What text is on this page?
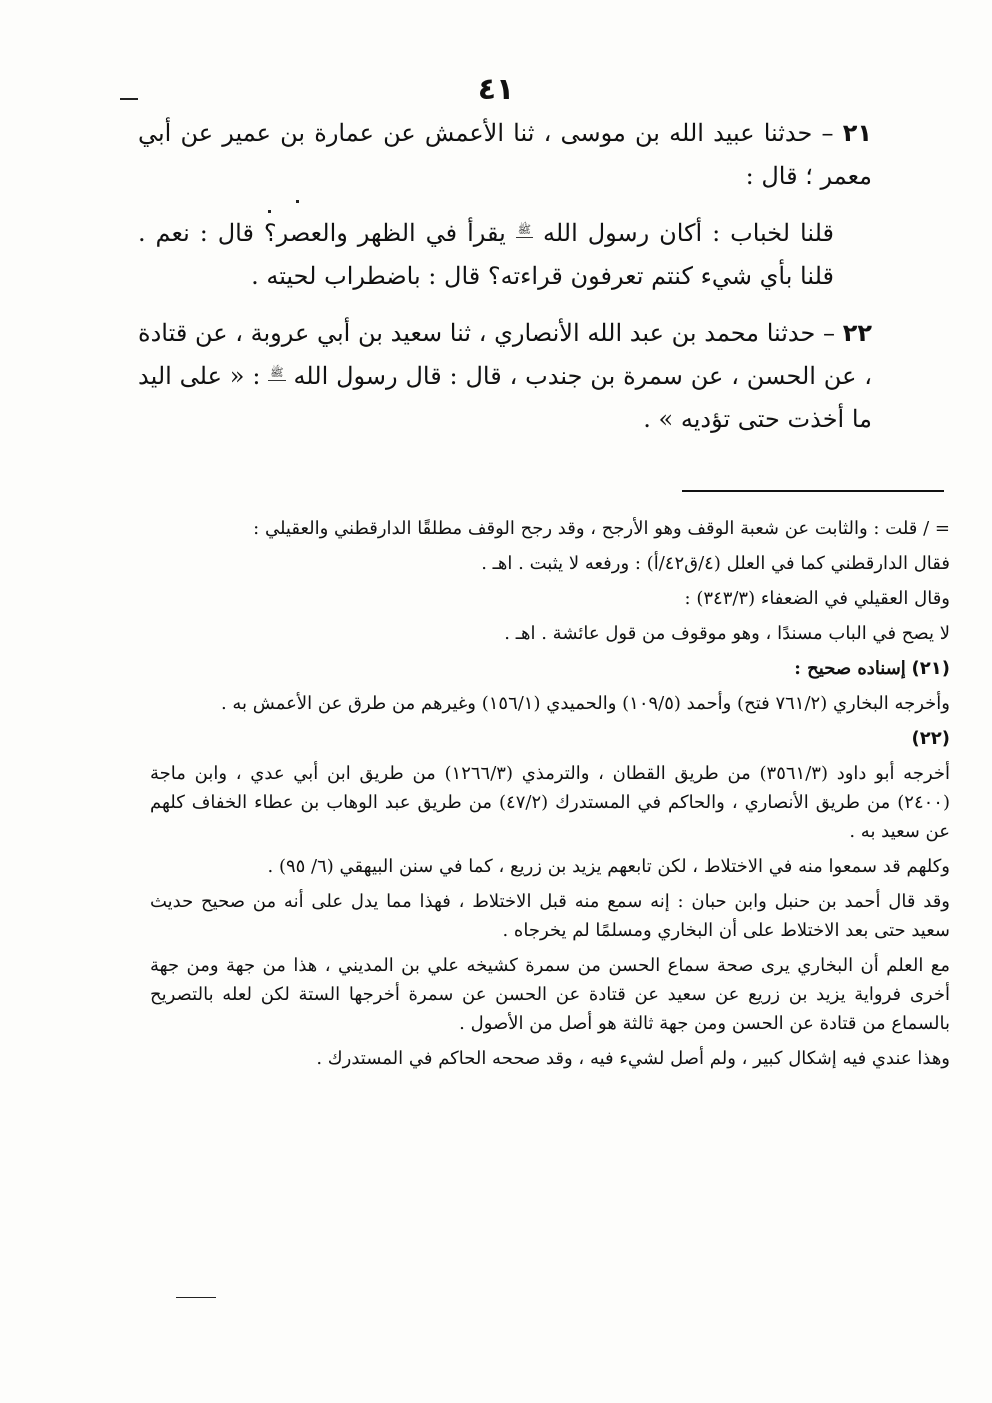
٤١

٢١ – حدثنا عبيد الله بن موسى ، ثنا الأعمش عن عمارة بن عمير عن أبي معمر ؛ قال :

قلنا لخباب : أكان رسول الله ﷺ يقرأ في الظهر والعصر؟ قال : نعم . قلنا بأي شيء كنتم تعرفون قراءته؟ قال : باضطراب لحيته .

٢٢ – حدثنا محمد بن عبد الله الأنصاري ، ثنا سعيد بن أبي عروبة ، عن قتادة ، عن الحسن ، عن سمرة بن جندب ، قال : قال رسول الله ﷺ : « على اليد ما أخذت حتى تؤديه » .

= / قلت : والثابت عن شعبة الوقف وهو الأرجح ، وقد رجح الوقف مطلقًا الدارقطني والعقيلي :

فقال الدارقطني كما في العلل (٤/ق٤٢/أ) : ورفعه لا يثبت . اهـ .

وقال العقيلي في الضعفاء (٣٤٣/٣) :

لا يصح في الباب مسندًا ، وهو موقوف من قول عائشة . اهـ .

(٢١) إسناده صحيح :

وأخرجه البخاري (٧٦١/٢ فتح) وأحمد (١٠٩/٥) والحميدي (١٥٦/١) وغيرهم من طرق عن الأعمش به .

(٢٢)

أخرجه أبو داود (٣٥٦١/٣) من طريق القطان ، والترمذي (١٢٦٦/٣) من طريق ابن أبي عدي ، وابن ماجة (٢٤٠٠) من طريق الأنصاري ، والحاكم في المستدرك (٤٧/٢) من طريق عبد الوهاب بن عطاء الخفاف كلهم عن سعيد به .

وكلهم قد سمعوا منه في الاختلاط ، لكن تابعهم يزيد بن زريع ، كما في سنن البيهقي (٦/ ٩٥) .

وقد قال أحمد بن حنبل وابن حبان : إنه سمع منه قبل الاختلاط ، فهذا مما يدل على أنه من صحيح حديث سعيد حتى بعد الاختلاط على أن البخاري ومسلمًا لم يخرجاه .

مع العلم أن البخاري يرى صحة سماع الحسن من سمرة كشيخه علي بن المديني ، هذا من جهة ومن جهة أخرى فرواية يزيد بن زريع عن سعيد عن قتادة عن الحسن عن سمرة أخرجها الستة لكن لعله بالتصريح بالسماع من قتادة عن الحسن ومن جهة ثالثة هو أصل من الأصول .

وهذا عندي فيه إشكال كبير ، ولم أصل لشيء فيه ، وقد صححه الحاكم في المستدرك .
